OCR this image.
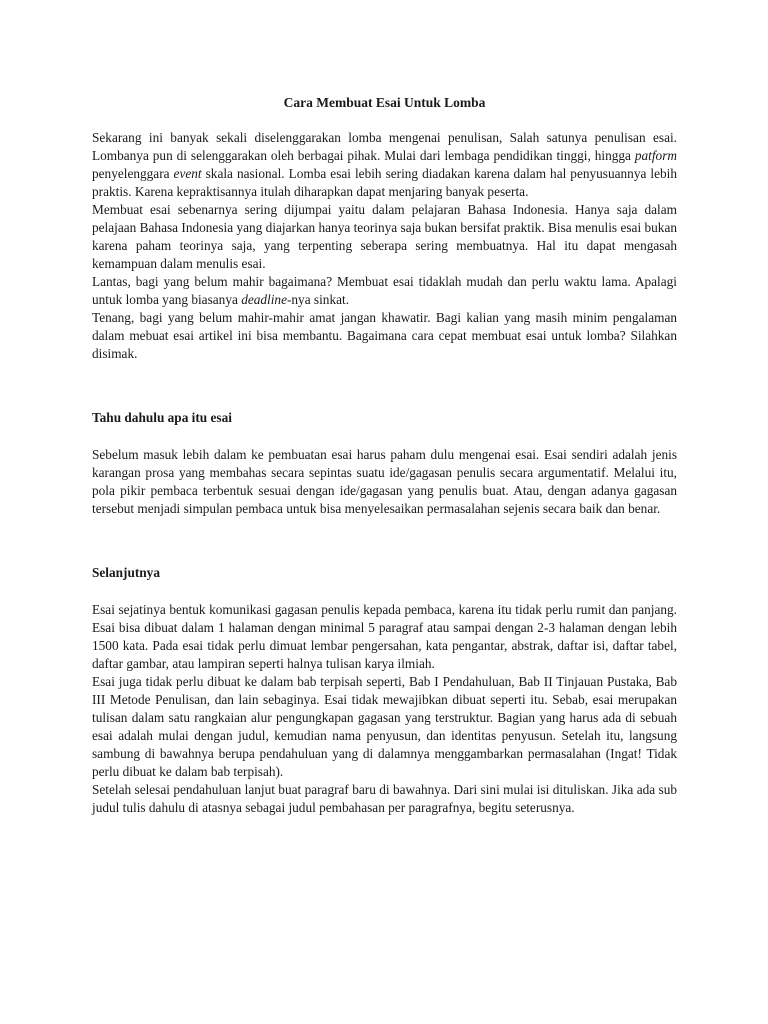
Cara Membuat Esai Untuk Lomba

Sekarang ini banyak sekali diselenggarakan lomba mengenai penulisan, Salah satunya penulisan esai. Lombanya pun di selenggarakan oleh berbagai pihak. Mulai dari lembaga pendidikan tinggi, hingga patform penyelenggara event skala nasional. Lomba esai lebih sering diadakan karena dalam hal penyusuannya lebih praktis. Karena kepraktisannya itulah diharapkan dapat menjaring banyak peserta.

Membuat esai sebenarnya sering dijumpai yaitu dalam pelajaran Bahasa Indonesia. Hanya saja dalam pelajaan Bahasa Indonesia yang diajarkan hanya teorinya saja bukan bersifat praktik. Bisa menulis esai bukan karena paham teorinya saja, yang terpenting seberapa sering membuatnya. Hal itu dapat mengasah kemampuan dalam menulis esai.

Lantas, bagi yang belum mahir bagaimana? Membuat esai tidaklah mudah dan perlu waktu lama. Apalagi untuk lomba yang biasanya deadline-nya sinkat.

Tenang, bagi yang belum mahir-mahir amat jangan khawatir. Bagi kalian yang masih minim pengalaman dalam mebuat esai artikel ini bisa membantu. Bagaimana cara cepat membuat esai untuk lomba? Silahkan disimak.

Tahu dahulu apa itu esai

Sebelum masuk lebih dalam ke pembuatan esai harus paham dulu mengenai esai. Esai sendiri adalah jenis karangan prosa yang membahas secara sepintas suatu ide/gagasan penulis secara argumentatif. Melalui itu, pola pikir pembaca terbentuk sesuai dengan ide/gagasan yang penulis buat. Atau, dengan adanya gagasan tersebut menjadi simpulan pembaca untuk bisa menyelesaikan permasalahan sejenis secara baik dan benar.

Selanjutnya

Esai sejatinya bentuk komunikasi gagasan penulis kepada pembaca, karena itu tidak perlu rumit dan panjang. Esai bisa dibuat dalam 1 halaman dengan minimal 5 paragraf atau sampai dengan 2-3 halaman dengan lebih 1500 kata. Pada esai tidak perlu dimuat lembar pengersahan, kata pengantar, abstrak, daftar isi, daftar tabel, daftar gambar, atau lampiran seperti halnya tulisan karya ilmiah.

Esai juga tidak perlu dibuat ke dalam bab terpisah seperti, Bab I Pendahuluan, Bab II Tinjauan Pustaka, Bab III Metode Penulisan, dan lain sebaginya. Esai tidak mewajibkan dibuat seperti itu. Sebab, esai merupakan tulisan dalam satu rangkaian alur pengungkapan gagasan yang terstruktur. Bagian yang harus ada di sebuah esai adalah mulai dengan judul, kemudian nama penyusun, dan identitas penyusun. Setelah itu, langsung sambung di bawahnya berupa pendahuluan yang di dalamnya menggambarkan permasalahan (Ingat! Tidak perlu dibuat ke dalam bab terpisah).

Setelah selesai pendahuluan lanjut buat paragraf baru di bawahnya. Dari sini mulai isi dituliskan. Jika ada sub judul tulis dahulu di atasnya sebagai judul pembahasan per paragrafnya, begitu seterusnya.
